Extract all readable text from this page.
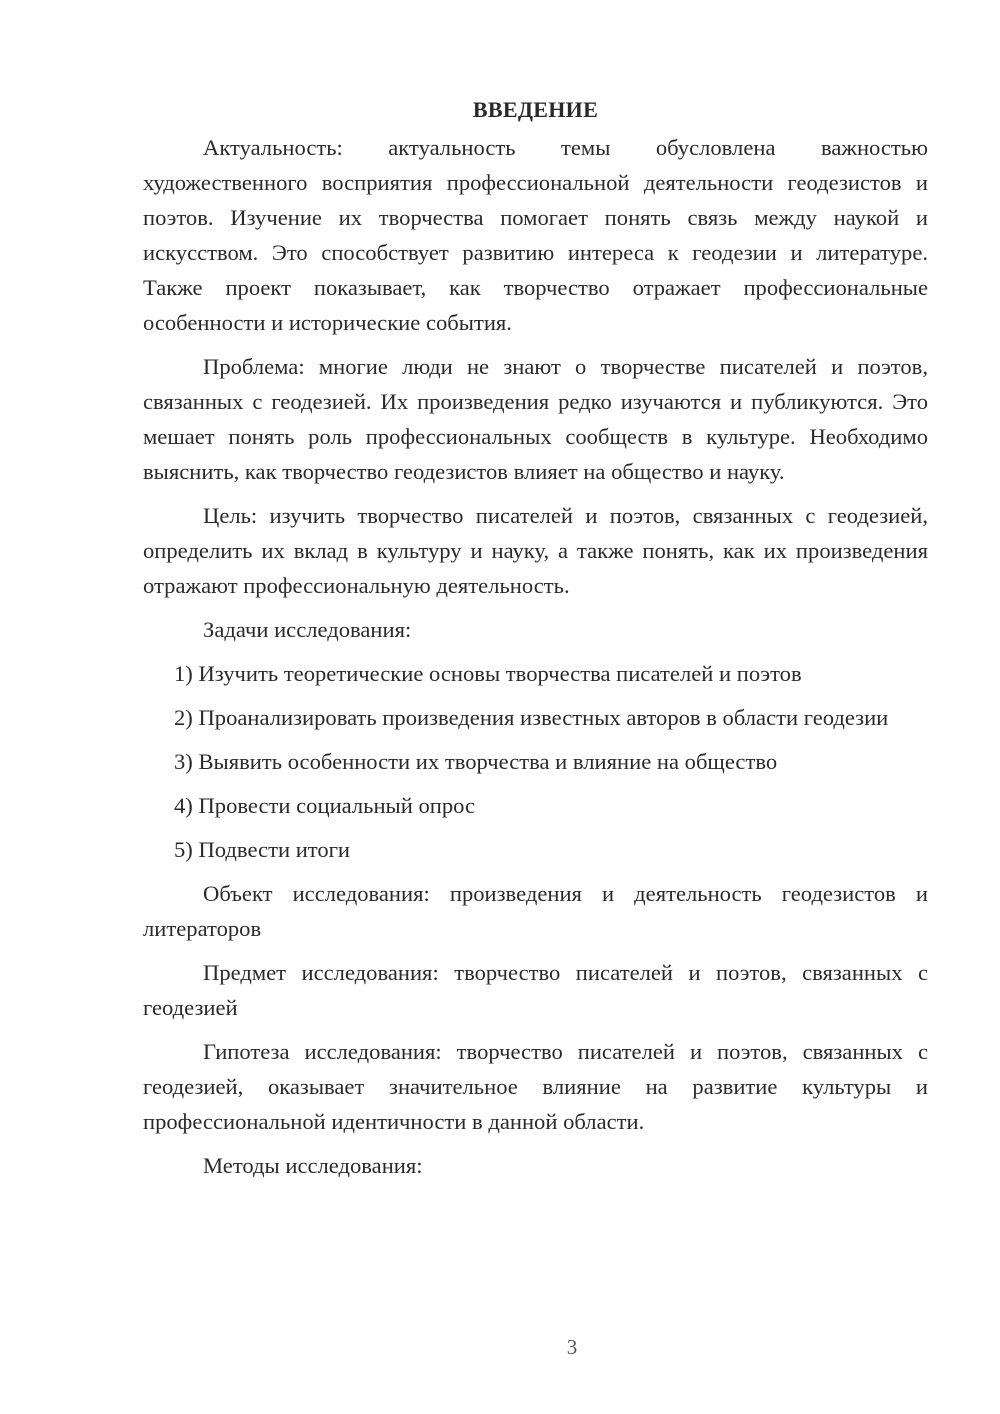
ВВЕДЕНИЕ

Актуальность: актуальность темы обусловлена важностью художественного восприятия профессиональной деятельности геодезистов и поэтов. Изучение их творчества помогает понять связь между наукой и искусством. Это способствует развитию интереса к геодезии и литературе. Также проект показывает, как творчество отражает профессиональные особенности и исторические события.

Проблема: многие люди не знают о творчестве писателей и поэтов, связанных с геодезией. Их произведения редко изучаются и публикуются. Это мешает понять роль профессиональных сообществ в культуре. Необходимо выяснить, как творчество геодезистов влияет на общество и науку.

Цель: изучить творчество писателей и поэтов, связанных с геодезией, определить их вклад в культуру и науку, а также понять, как их произведения отражают профессиональную деятельность.

Задачи исследования:

1) Изучить теоретические основы творчества писателей и поэтов

2) Проанализировать произведения известных авторов в области геодезии

3) Выявить особенности их творчества и влияние на общество

4) Провести социальный опрос

5) Подвести итоги

Объект исследования: произведения и деятельность геодезистов и литераторов

Предмет исследования: творчество писателей и поэтов, связанных с геодезией

Гипотеза исследования: творчество писателей и поэтов, связанных с геодезией, оказывает значительное влияние на развитие культуры и профессиональной идентичности в данной области.

Методы исследования:

3
